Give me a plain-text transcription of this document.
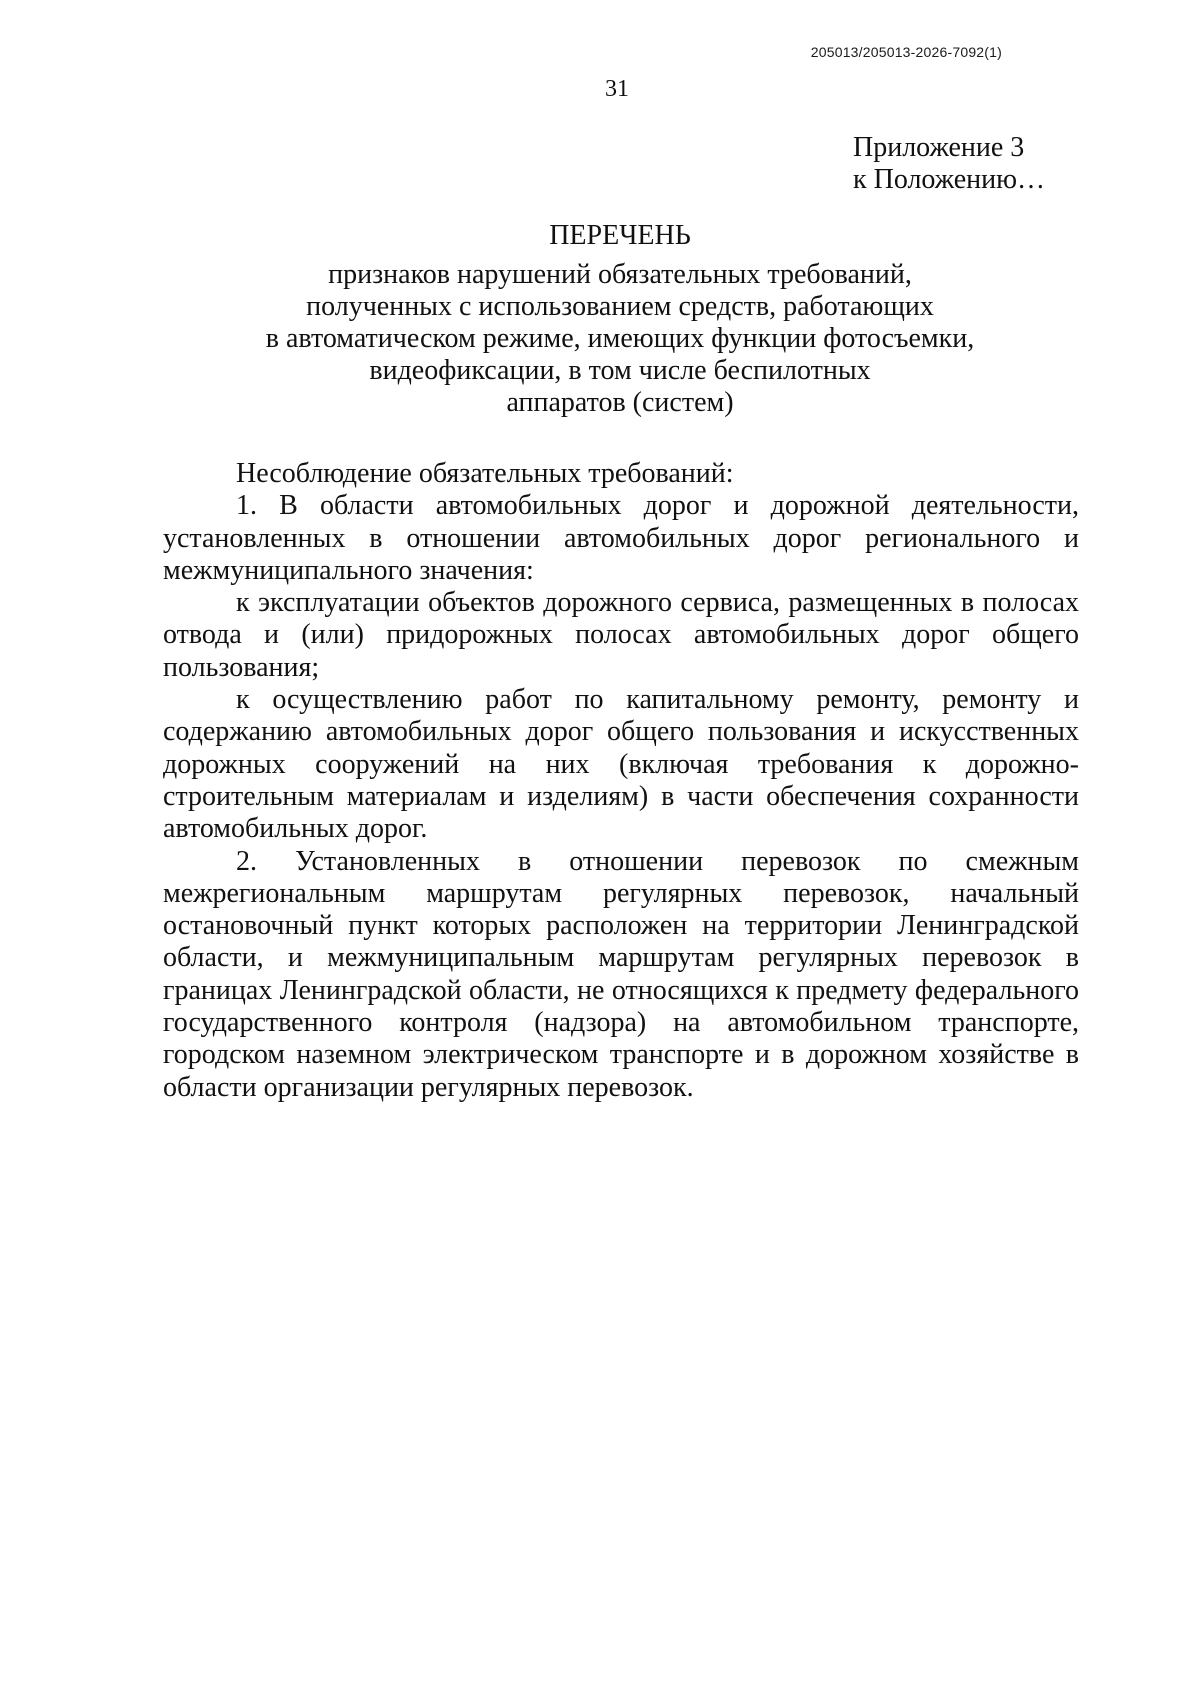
205013/205013-2026-7092(1)
31
Приложение 3
к Положению…
ПЕРЕЧЕНЬ
признаков нарушений обязательных требований,
полученных с использованием средств, работающих
в автоматическом режиме, имеющих функции фотосъемки,
видеофиксации, в том числе беспилотных
аппаратов (систем)

Несоблюдение обязательных требований:

1. В области автомобильных дорог и дорожной деятельности, установленных в отношении автомобильных дорог регионального и межмуниципального значения:

к эксплуатации объектов дорожного сервиса, размещенных в полосах отвода и (или) придорожных полосах автомобильных дорог общего пользования;

к осуществлению работ по капитальному ремонту, ремонту и содержанию автомобильных дорог общего пользования и искусственных дорожных сооружений на них (включая требования к дорожно-строительным материалам и изделиям) в части обеспечения сохранности автомобильных дорог.

2. Установленных в отношении перевозок по смежным межрегиональным маршрутам регулярных перевозок, начальный остановочный пункт которых расположен на территории Ленинградской области, и межмуниципальным маршрутам регулярных перевозок в границах Ленинградской области, не относящихся к предмету федерального государственного контроля (надзора) на автомобильном транспорте, городском наземном электрическом транспорте и в дорожном хозяйстве в области организации регулярных перевозок.
